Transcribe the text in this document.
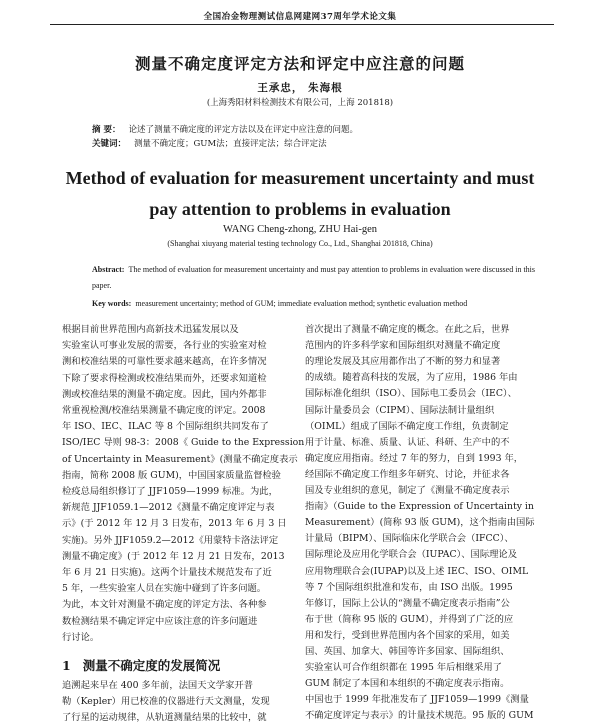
全国冶金物理测试信息网建网37周年学术论文集
测量不确定度评定方法和评定中应注意的问题
王承忠， 朱海根
(上海秀阳材料检测技术有限公司，上海 201818)
摘 要： 论述了测量不确定度的评定方法以及在评定中应注意的问题。
关键词： 测量不确定度；GUM法；直接评定法；综合评定法
Method of evaluation for measurement uncertainty and must
pay attention to problems in evaluation
WANG Cheng-zhong, ZHU Hai-gen
(Shanghai xiuyang material testing technology Co., Ltd., Shanghai 201818, China)
Abstract: The method of evaluation for measurement uncertainty and must pay attention to problems in evaluation were discussed in this paper.
Key words: measurement uncertainty; method of GUM; immediate evaluation method; synthetic evaluation method
根据目前世界范围内高新技术迅猛发展以及
实验室认可事业发展的需要，各行业的实验室对检
测和校准结果的可靠性要求越来越高，在许多情况
下除了要求得检测或校准结果而外，还要求知道检
测或校准结果的测量不确定度。因此，国内外都非
常重视检测/校准结果测量不确定度的评定。2008
年 ISO、IEC、ILAC 等 8 个国际组织共同发布了
ISO/IEC 导则 98-3：2008《 Guide to the Expression
of Uncertainty in Measurement》(测量不确定度表示
指南，简称 2008 版 GUM)，中国国家质量监督检验
检疫总局组织修订了 JJF1059—1999 标准。为此，
新规范 JJF1059.1—2012《测量不确定度评定与表
示》(于 2012 年 12 月 3 日发布，2013 年 6 月 3 日
实施)。另外 JJF1059.2—2012《用蒙特卡洛法评定
测量不确定度》(于 2012 年 12 月 21 日发布，2013
年 6 月 21 日实施)。这两个计量技术规范发布了近
5 年，一些实验室人员在实施中碰到了许多问题。
为此，本文针对测量不确定度的评定方法、各种参
数检测结果不确定评定中应该注意的许多问题进
行讨论。
1 测量不确定度的发展简况
追溯起来早在 400 多年前，法国天文学家开普
勒（Kepler）用已校准的仪器进行天文测量，发现
了行星的运动规律，从轨道测量结果的比较中，就
首次提出了测量不确定度的概念。在此之后，世界
范围内的许多科学家和国际组织对测量不确定度
的理论发展及其应用都作出了不断的努力和显著
的成绩。随着高科技的发展，为了应用，1986 年由
国际标准化组织（ISO）、国际电工委员会（IEC）、
国际计量委员会（CIPM）、国际法制计量组织
（OIML）组成了国际不确定度工作组，负责制定
用于计量、标准、质量、认证、科研、生产中的不
确定度应用指南。经过 7 年的努力，自到 1993 年，
经国际不确定度工作组多年研究、讨论，并征求各
国及专业组织的意见，制定了《测量不确定度表示
指南》（Guide to the Expression of Uncertainty in
Measurement）(简称 93 版 GUM)，这个指南由国际
计量局（BIPM）、国际临床化学联合会（IFCC）、
国际理论及应用化学联合会（IUPAC）、国际理论及
应用物理联合会(IUPAP)以及上述 IEC、ISO、OIML
等 7 个国际组织批准和发布，由 ISO 出版。1995
年修订，国际上公认的“测量不确定度表示指南”公
布于世（简称 95 版的 GUM），并得到了广泛的应
用和发行，受到世界范围内各个国家的采用，如美
国、英国、加拿大、韩国等许多国家、国际组织、
实验室认可合作组织都在 1995 年后相继采用了
GUM 制定了本国和本组织的不确定度表示指南。
中国也于 1999 年批准发布了 JJF1059—1999《测量
不确定度评定与表示》的计量技术规范。95 版的 GUM
